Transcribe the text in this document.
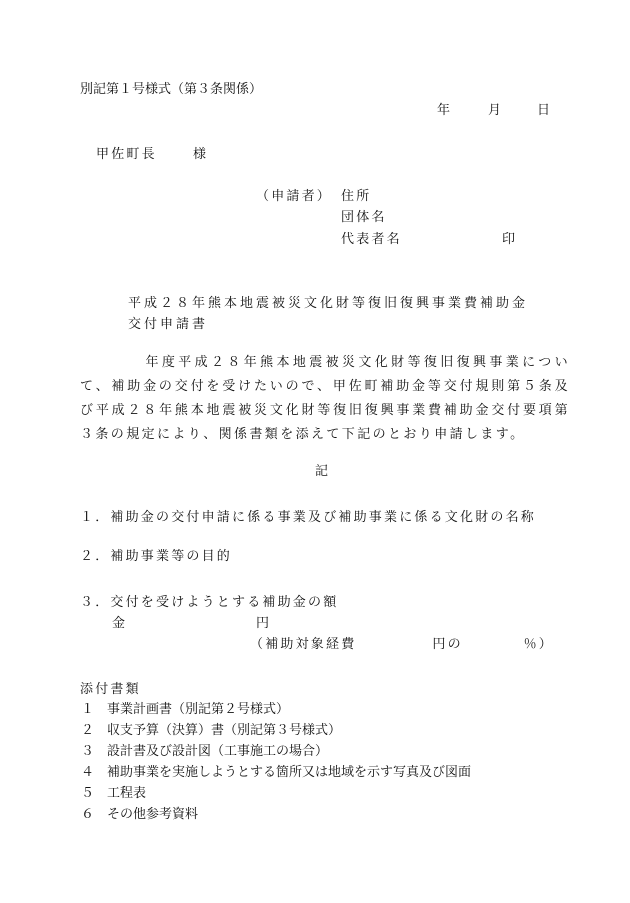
別記第１号様式（第３条関係）
年	月	日
甲佐町長	様
（申請者） 住所
団体名
代表者名	印
平成２８年熊本地震被災文化財等復旧復興事業費補助金
交付申請書
　　　　年度平成２８年熊本地震被災文化財等復旧復興事業について、補助金の交付を受けたいので、甲佐町補助金等交付規則第５条及び平成２８年熊本地震被災文化財等復旧復興事業費補助金交付要項第３条の規定により、関係書類を添えて下記のとおり申請します。
記
１．補助金の交付申請に係る事業及び補助事業に係る文化財の名称
２．補助事業等の目的
３．交付を受けようとする補助金の額
金	円
（補助対象経費　　　　　円の　　　　％）
添付書類
１ 事業計画書（別記第２号様式）
２ 収支予算（決算）書（別記第３号様式）
３ 設計書及び設計図（工事施工の場合）
４ 補助事業を実施しようとする箇所又は地域を示す写真及び図面
５ 工程表
６ その他参考資料
